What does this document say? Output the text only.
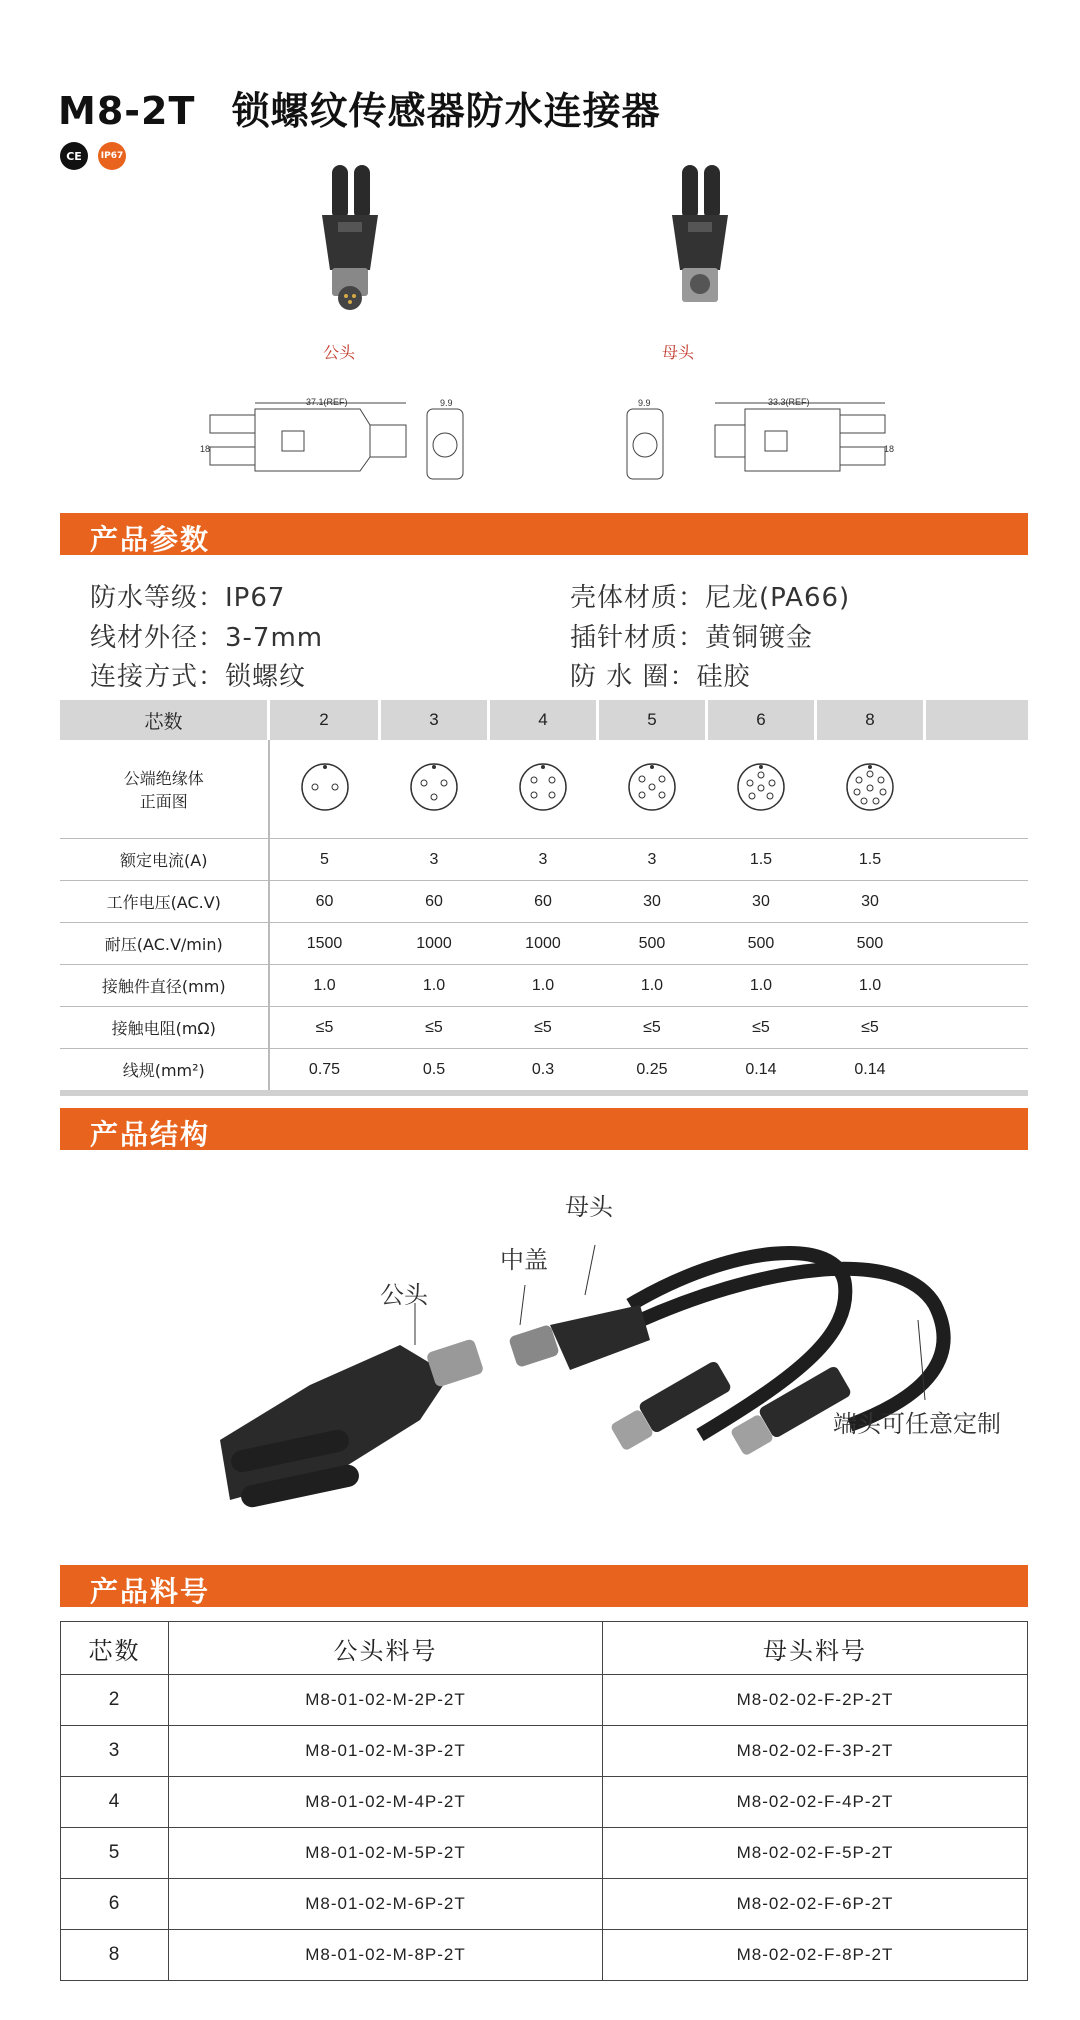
M8-2T 锁螺纹传感器防水连接器
CE IP67
公头	母头
37.1(REF)
18
9.9	9.9	33.3(REF)
18
产品参数
防水等级：IP67
线材外径：3-7mm
连接方式：锁螺纹
壳体材质：尼龙(PA66)
插针材质：黄铜镀金
防 水 圈：硅胶
芯数	2	3	4	5	6	8	
公端绝缘体
正面图							
额定电流(A)	5	3	3	3	1.5	1.5	
工作电压(AC.V)	60	60	60	30	30	30	
耐压(AC.V/min)	1500	1000	1000	500	500	500	
接触件直径(mm)	1.0	1.0	1.0	1.0	1.0	1.0	
接触电阻(mΩ)	≤5	≤5	≤5	≤5	≤5	≤5	
线规(mm²)	0.75	0.5	0.3	0.25	0.14	0.14	
产品结构
公头
中盖
母头
端头可任意定制
产品料号
芯数	公头料号	母头料号
2	M8-01-02-M-2P-2T	M8-02-02-F-2P-2T
3	M8-01-02-M-3P-2T	M8-02-02-F-3P-2T
4	M8-01-02-M-4P-2T	M8-02-02-F-4P-2T
5	M8-01-02-M-5P-2T	M8-02-02-F-5P-2T
6	M8-01-02-M-6P-2T	M8-02-02-F-6P-2T
8	M8-01-02-M-8P-2T	M8-02-02-F-8P-2T
